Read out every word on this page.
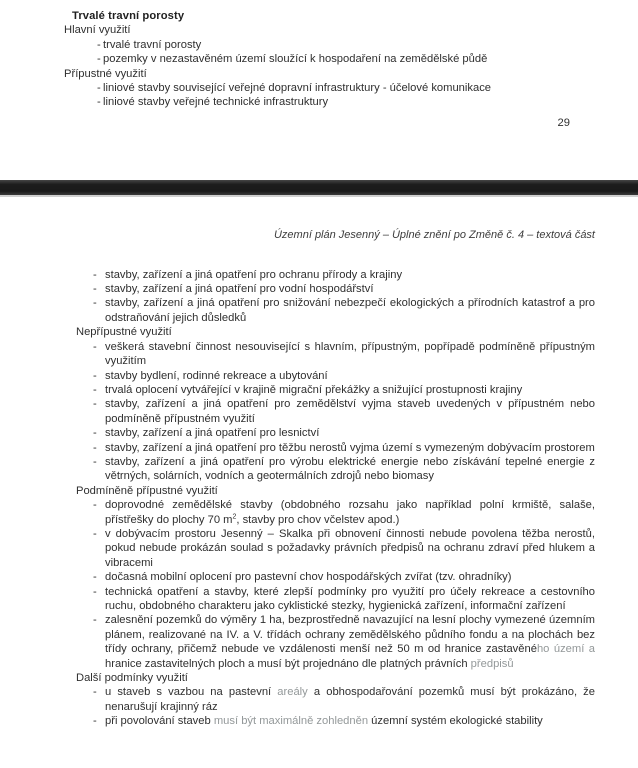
Trvalé travní porosty
Hlavní využití
- trvalé travní porosty
- pozemky v nezastavěném území sloužící k hospodaření na zemědělské půdě
Přípustné využití
- liniové stavby související veřejné dopravní infrastruktury - účelové komunikace
- liniové stavby veřejné technické infrastruktury
29
Územní plán Jesenný – Úplné znění po Změně č. 4 – textová část
- stavby, zařízení a jiná opatření pro ochranu přírody a krajiny
- stavby, zařízení a jiná opatření pro vodní hospodářství
- stavby, zařízení a jiná opatření pro snižování nebezpečí ekologických a přírodních katastrof a pro odstraňování jejich důsledků
Nepřípustné využití
- veškerá stavební činnost nesouvisející s hlavním, přípustným, popřípadě podmíněně přípustným využitím
- stavby bydlení, rodinné rekreace a ubytování
- trvalá oplocení vytvářející v krajině migrační překážky a snižující prostupnosti krajiny
- stavby, zařízení a jiná opatření pro zemědělství vyjma staveb uvedených v přípustném nebo podmíněně přípustném využití
- stavby, zařízení a jiná opatření pro lesnictví
- stavby, zařízení a jiná opatření pro těžbu nerostů vyjma území s vymezeným dobývacím prostorem
- stavby, zařízení a jiná opatření pro výrobu elektrické energie nebo získávání tepelné energie z větrných, solárních, vodních a geotermálních zdrojů nebo biomasy
Podmíněně přípustné využití
- doprovodné zemědělské stavby (obdobného rozsahu jako například polní krmiště, salaše, přístřešky do plochy 70 $m^2$, stavby pro chov včelstev apod.)
- v dobývacím prostoru Jesenný – Skalka při obnovení činnosti nebude povolena těžba nerostů, pokud nebude prokázán soulad s požadavky právních předpisů na ochranu zdraví před hlukem a vibracemi
- dočasná mobilní oplocení pro pastevní chov hospodářských zvířat (tzv. ohradníky)
- technická opatření a stavby, které zlepší podmínky pro využití pro účely rekreace a cestovního ruchu, obdobného charakteru jako cyklistické stezky, hygienická zařízení, informační zařízení
- zalesnění pozemků do výměry 1 ha, bezprostředně navazující na lesní plochy vymezené územním plánem, realizované na IV. a V. třídách ochrany zemědělského půdního fondu a na plochách bez třídy ochrany, přičemž nebude ve vzdálenosti menší než 50 m od hranice zastavěného území a hranice zastavitelných ploch a musí být projednáno dle platných právních předpisů
Další podmínky využití
- u staveb s vazbou na pastevní areály a obhospodařování pozemků musí být prokázáno, že nenarušují krajinný ráz
- při povolování staveb musí být maximálně zohledněn územní systém ekologické stability
